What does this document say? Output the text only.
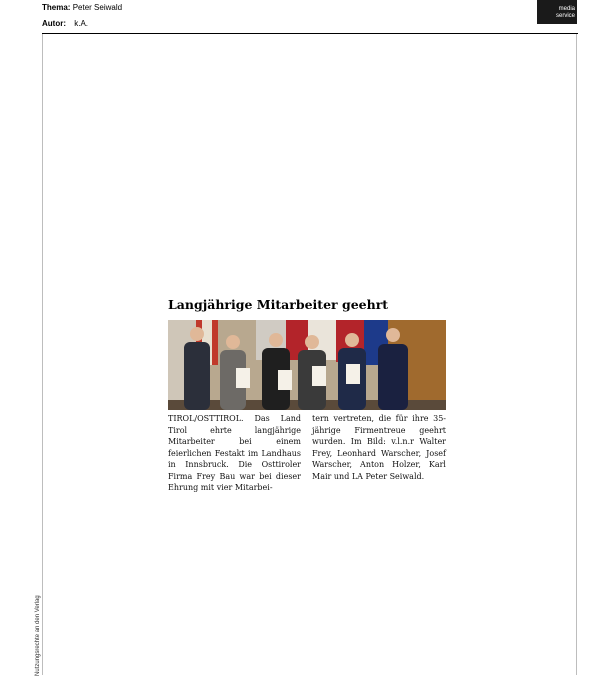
Thema: Peter Seiwald
Autor: k.A.
media
service
Nutzungsrechte an den Verlag
Langjährige Mitarbeiter geehrt

TIROL/OSTTIROL. Das Land Tirol ehrte langjährige Mitarbeiter bei einem feierlichen Festakt im Landhaus in Innsbruck. Die Osttiroler Firma Frey Bau war bei dieser Ehrung mit vier Mitarbei-

tern vertreten, die für ihre 35-jährige Firmentreue geehrt wurden. Im Bild: v.l.n.r Walter Frey, Leonhard Warscher, Josef Warscher, Anton Holzer, Karl Mair und LA Peter Seiwald.
